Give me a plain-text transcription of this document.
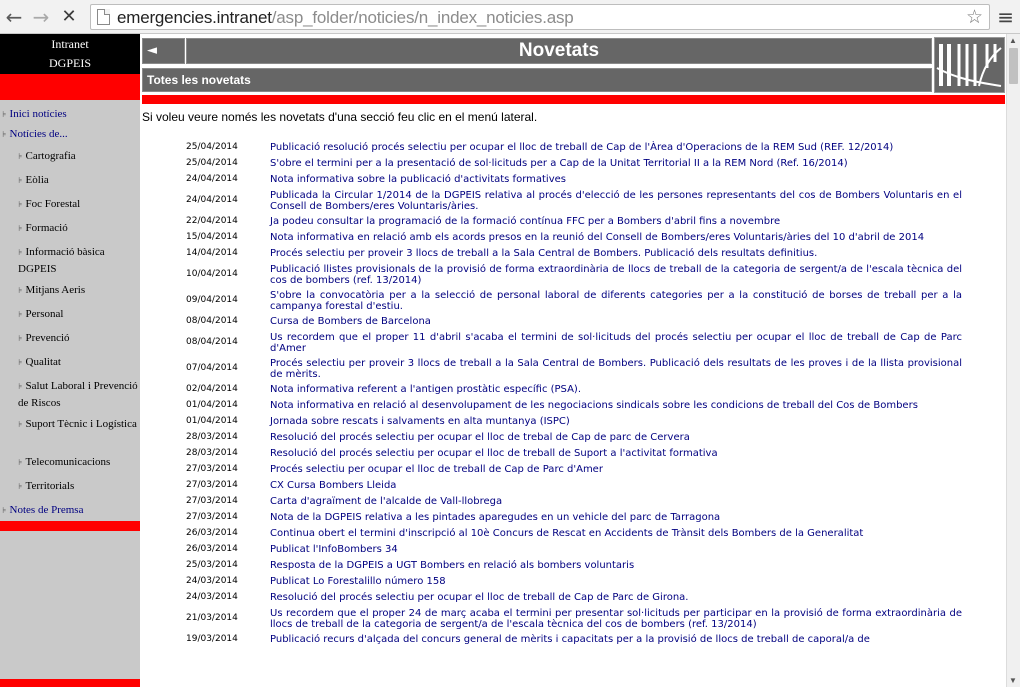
← → ✕ emergencies.intranet/asp_folder/noticies/n_index_noticies.asp	☆ ≡
Intranet
DGPEIS
⊧ Inici notícies
⊧ Notícies de...
⊧ Cartografia
⊧ Eòlia
⊧ Foc Forestal
⊧ Formació
⊧ Informació bàsica DGPEIS
⊧ Mitjans Aeris
⊧ Personal
⊧ Prevenció
⊧ Qualitat
⊧ Salut Laboral i Prevenció de Riscos
⊧ Suport Tècnic i Logística
⊧ Telecomunicacions
⊧ Territorials
⊧ Notes de Premsa
◄	Novetats
Totes les novetats
Si voleu veure només les novetats d'una secció feu clic en el menú lateral.
25/04/2014	Publicació resolució procés selectiu per ocupar el lloc de treball de Cap de l'Àrea d'Operacions de la REM Sud (REF. 12/2014)
25/04/2014	S'obre el termini per a la presentació de sol·licituds per a Cap de la Unitat Territorial II a la REM Nord (Ref. 16/2014)
24/04/2014	Nota informativa sobre la publicació d'activitats formatives
24/04/2014	Publicada la Circular 1/2014 de la DGPEIS relativa al procés d'elecció de les persones representants del cos de Bombers Voluntaris en el Consell de Bombers/eres Voluntaris/àries.
22/04/2014	Ja podeu consultar la programació de la formació contínua FFC per a Bombers d'abril fins a novembre
15/04/2014	Nota informativa en relació amb els acords presos en la reunió del Consell de Bombers/eres Voluntaris/àries del 10 d'abril de 2014
14/04/2014	Procés selectiu per proveir 3 llocs de treball a la Sala Central de Bombers. Publicació dels resultats definitius.
10/04/2014	Publicació llistes provisionals de la provisió de forma extraordinària de llocs de treball de la categoria de sergent/a de l'escala tècnica del cos de bombers (ref. 13/2014)
09/04/2014	S'obre la convocatòria per a la selecció de personal laboral de diferents categories per a la constitució de borses de treball per a la campanya forestal d'estiu.
08/04/2014	Cursa de Bombers de Barcelona
08/04/2014	Us recordem que el proper 11 d'abril s'acaba el termini de sol·licituds del procés selectiu per ocupar el lloc de treball de Cap de Parc d'Amer
07/04/2014	Procés selectiu per proveir 3 llocs de treball a la Sala Central de Bombers. Publicació dels resultats de les proves i de la llista provisional de mèrits.
02/04/2014	Nota informativa referent a l'antigen prostàtic específic (PSA).
01/04/2014	Nota informativa en relació al desenvolupament de les negociacions sindicals sobre les condicions de treball del Cos de Bombers
01/04/2014	Jornada sobre rescats i salvaments en alta muntanya (ISPC)
28/03/2014	Resolució del procés selectiu per ocupar el lloc de trebal de Cap de parc de Cervera
28/03/2014	Resolució del procés selectiu per ocupar el lloc de treball de Suport a l'activitat formativa
27/03/2014	Procés selectiu per ocupar el lloc de treball de Cap de Parc d'Amer
27/03/2014	CX Cursa Bombers Lleida
27/03/2014	Carta d'agraïment de l'alcalde de Vall-llobrega
27/03/2014	Nota de la DGPEIS relativa a les pintades aparegudes en un vehicle del parc de Tarragona
26/03/2014	Continua obert el termini d'inscripció al 10è Concurs de Rescat en Accidents de Trànsit dels Bombers de la Generalitat
26/03/2014	Publicat l'InfoBombers 34
25/03/2014	Resposta de la DGPEIS a UGT Bombers en relació als bombers voluntaris
24/03/2014	Publicat Lo Forestalillo número 158
24/03/2014	Resolució del procés selectiu per ocupar el lloc de treball de Cap de Parc de Girona.
21/03/2014	Us recordem que el proper 24 de març acaba el termini per presentar sol·licituds per participar en la provisió de forma extraordinària de llocs de treball de la categoria de sergent/a de l'escala tècnica del cos de bombers (ref. 13/2014)
19/03/2014	Publicació recurs d'alçada del concurs general de mèrits i capacitats per a la provisió de llocs de treball de caporal/a de
▲
▼
